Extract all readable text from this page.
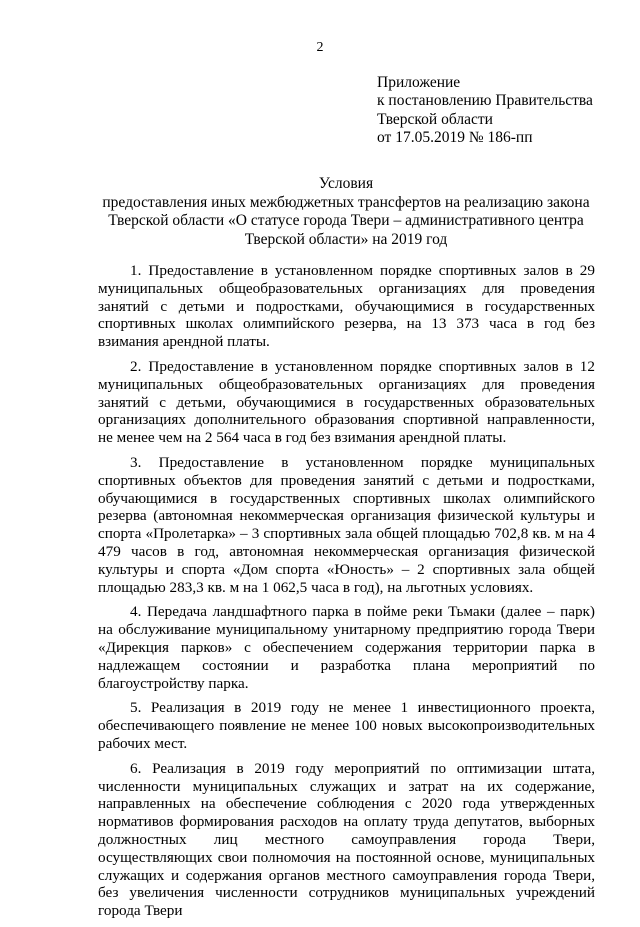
2
Приложение
к постановлению Правительства
Тверской области
от 17.05.2019 № 186-пп
Условия
предоставления иных межбюджетных трансфертов на реализацию закона
Тверской области «О статусе города Твери – административного центра
Тверской области» на 2019 год

1. Предоставление в установленном порядке спортивных залов в 29 муниципальных общеобразовательных организациях для проведения занятий с детьми и подростками, обучающимися в государственных спортивных школах олимпийского резерва, на 13 373 часа в год без взимания арендной платы.

2. Предоставление в установленном порядке спортивных залов в 12 муниципальных общеобразовательных организациях для проведения занятий с детьми, обучающимися в государственных образовательных организациях дополнительного образования спортивной направленности, не менее чем на 2 564 часа в год без взимания арендной платы.

3. Предоставление в установленном порядке муниципальных спортивных объектов для проведения занятий с детьми и подростками, обучающимися в государственных спортивных школах олимпийского резерва (автономная некоммерческая организация физической культуры и спорта «Пролетарка» – 3 спортивных зала общей площадью 702,8 кв. м на 4 479 часов в год, автономная некоммерческая организация физической культуры и спорта «Дом спорта «Юность» – 2 спортивных зала общей площадью 283,3 кв. м на 1 062,5 часа в год), на льготных условиях.

4. Передача ландшафтного парка в пойме реки Тьмаки (далее – парк) на обслуживание муниципальному унитарному предприятию города Твери «Дирекция парков» с обеспечением содержания территории парка в надлежащем состоянии и разработка плана мероприятий по благоустройству парка.

5. Реализация в 2019 году не менее 1 инвестиционного проекта, обеспечивающего появление не менее 100 новых высокопроизводительных рабочих мест.

6. Реализация в 2019 году мероприятий по оптимизации штата, численности муниципальных служащих и затрат на их содержание, направленных на обеспечение соблюдения с 2020 года утвержденных нормативов формирования расходов на оплату труда депутатов, выборных должностных лиц местного самоуправления города Твери, осуществляющих свои полномочия на постоянной основе, муниципальных служащих и содержания органов местного самоуправления города Твери, без увеличения численности сотрудников муниципальных учреждений города Твери
